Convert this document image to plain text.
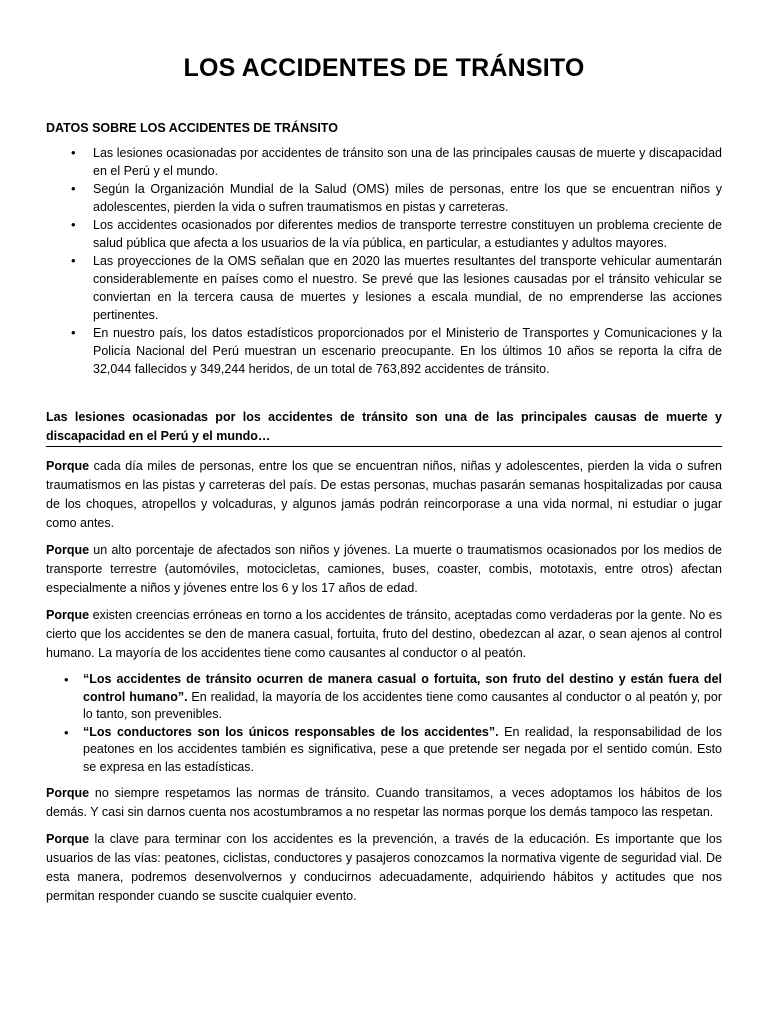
LOS ACCIDENTES DE TRÁNSITO
DATOS SOBRE LOS ACCIDENTES DE TRÁNSITO
• Las lesiones ocasionadas por accidentes de tránsito son una de las principales causas de muerte y discapacidad en el Perú y el mundo.
• Según la Organización Mundial de la Salud (OMS) miles de personas, entre los que se encuentran niños y adolescentes, pierden la vida o sufren traumatismos en pistas y carreteras.
• Los accidentes ocasionados por diferentes medios de transporte terrestre constituyen un problema creciente de salud pública que afecta a los usuarios de la vía pública, en particular, a estudiantes y adultos mayores.
• Las proyecciones de la OMS señalan que en 2020 las muertes resultantes del transporte vehicular aumentarán considerablemente en países como el nuestro. Se prevé que las lesiones causadas por el tránsito vehicular se conviertan en la tercera causa de muertes y lesiones a escala mundial, de no emprenderse las acciones pertinentes.
• En nuestro país, los datos estadísticos proporcionados por el Ministerio de Transportes y Comunicaciones y la Policía Nacional del Perú muestran un escenario preocupante. En los últimos 10 años se reporta la cifra de 32,044 fallecidos y 349,244 heridos, de un total de 763,892 accidentes de tránsito.
Las lesiones ocasionadas por los accidentes de tránsito son una de las principales causas de muerte y discapacidad en el Perú y el mundo…

Porque cada día miles de personas, entre los que se encuentran niños, niñas y adolescentes, pierden la vida o sufren traumatismos en las pistas y carreteras del país. De estas personas, muchas pasarán semanas hospitalizadas por causa de los choques, atropellos y volcaduras, y algunos jamás podrán reincorporase a una vida normal, ni estudiar o jugar como antes.

Porque un alto porcentaje de afectados son niños y jóvenes. La muerte o traumatismos ocasionados por los medios de transporte terrestre (automóviles, motocicletas, camiones, buses, coaster, combis, mototaxis, entre otros) afectan especialmente a niños y jóvenes entre los 6 y los 17 años de edad.

Porque existen creencias erróneas en torno a los accidentes de tránsito, aceptadas como verdaderas por la gente. No es cierto que los accidentes se den de manera casual, fortuita, fruto del destino, obedezcan al azar, o sean ajenos al control humano. La mayoría de los accidentes tiene como causantes al conductor o al peatón.

• “Los accidentes de tránsito ocurren de manera casual o fortuita, son fruto del destino y están fuera del control humano”. En realidad, la mayoría de los accidentes tiene como causantes al conductor o al peatón y, por lo tanto, son prevenibles.
• “Los conductores son los únicos responsables de los accidentes”. En realidad, la responsabilidad de los peatones en los accidentes también es significativa, pese a que pretende ser negada por el sentido común. Esto se expresa en las estadísticas.

Porque no siempre respetamos las normas de tránsito. Cuando transitamos, a veces adoptamos los hábitos de los demás. Y casi sin darnos cuenta nos acostumbramos a no respetar las normas porque los demás tampoco las respetan.

Porque la clave para terminar con los accidentes es la prevención, a través de la educación. Es importante que los usuarios de las vías: peatones, ciclistas, conductores y pasajeros conozcamos la normativa vigente de seguridad vial. De esta manera, podremos desenvolvernos y conducirnos adecuadamente, adquiriendo hábitos y actitudes que nos permitan responder cuando se suscite cualquier evento.
